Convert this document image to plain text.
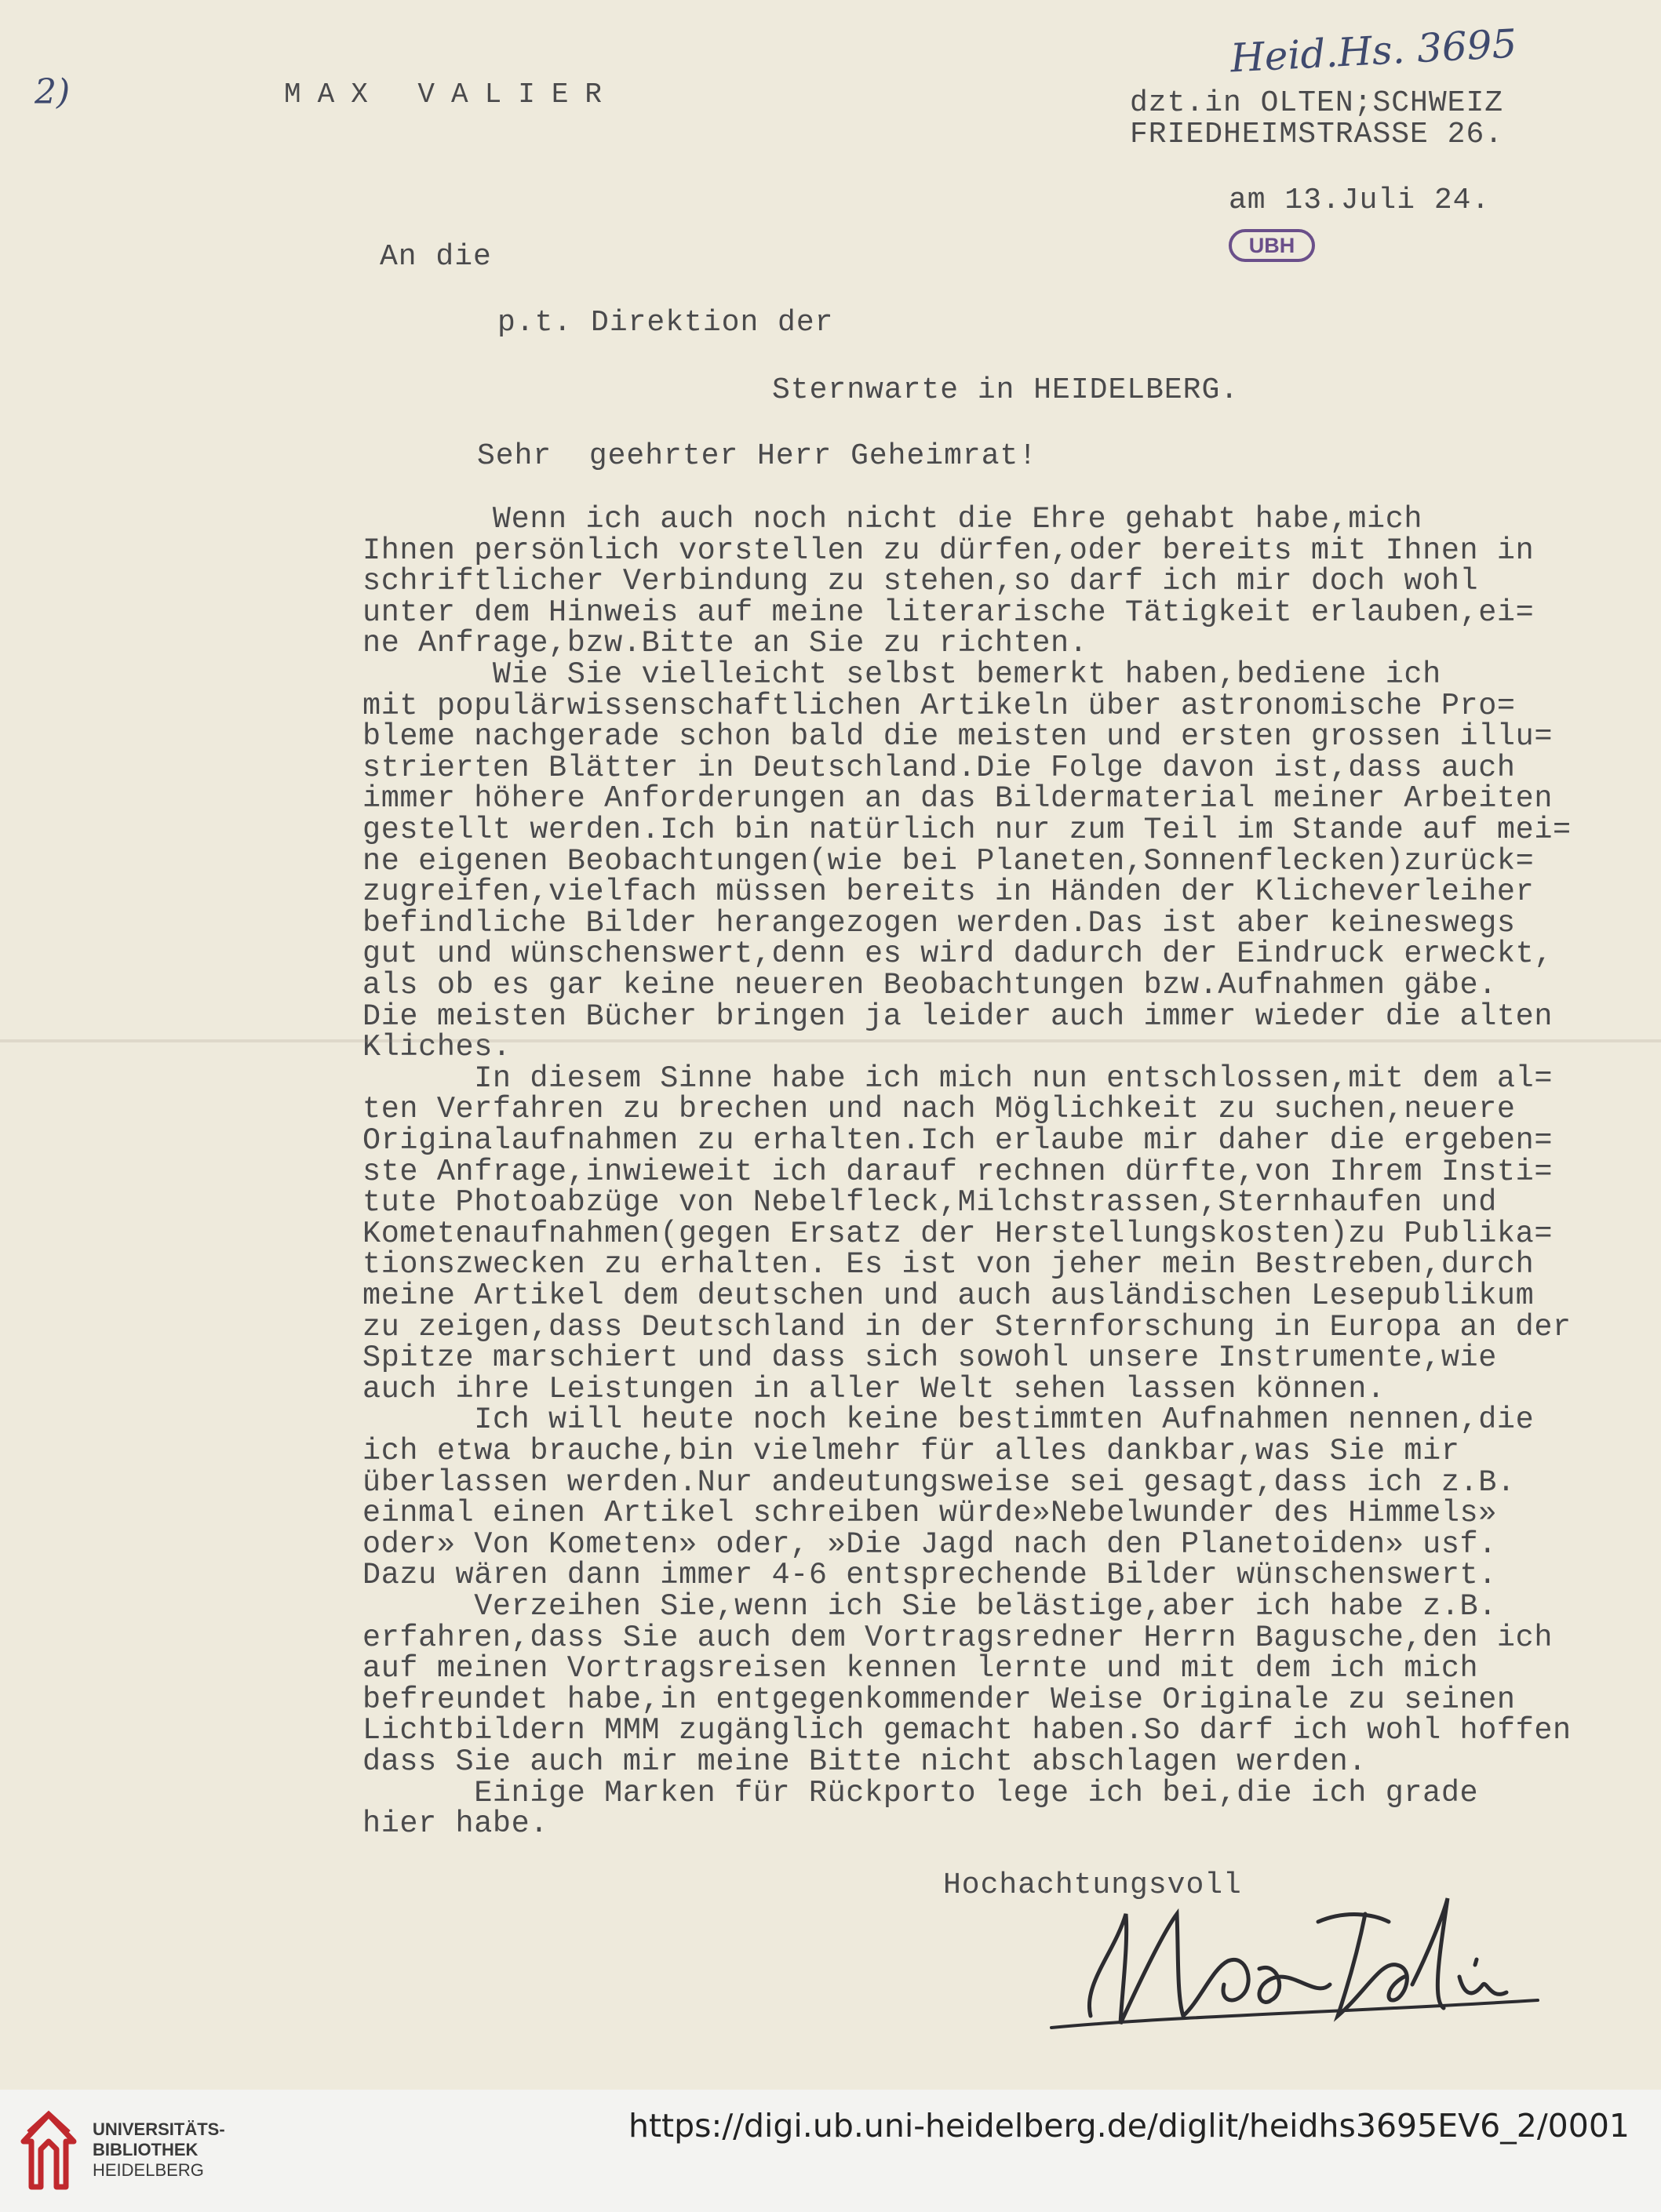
2)
Heid.Hs. 3695
MAX VALIER	dzt.in OLTEN;SCHWEIZ
FRIEDHEIMSTRASSE 26.
am 13.Juli 24.
UBH
An die
p.t. Direktion der
Sternwarte in HEIDELBERG.
Sehr  geehrter Herr Geheimrat!
Wenn ich auch noch nicht die Ehre gehabt habe,mich
Ihnen persönlich vorstellen zu dürfen,oder bereits mit Ihnen in
schriftlicher Verbindung zu stehen,so darf ich mir doch wohl
unter dem Hinweis auf meine literarische Tätigkeit erlauben,ei=
ne Anfrage,bzw.Bitte an Sie zu richten.
Wie Sie vielleicht selbst bemerkt haben,bediene ich
mit populärwissenschaftlichen Artikeln über astronomische Pro=
bleme nachgerade schon bald die meisten und ersten grossen illu=
strierten Blätter in Deutschland.Die Folge davon ist,dass auch
immer höhere Anforderungen an das Bildermaterial meiner Arbeiten
gestellt werden.Ich bin natürlich nur zum Teil im Stande auf mei=
ne eigenen Beobachtungen(wie bei Planeten,Sonnenflecken)zurück=
zugreifen,vielfach müssen bereits in Händen der Klicheverleiher
befindliche Bilder herangezogen werden.Das ist aber keineswegs
gut und wünschenswert,denn es wird dadurch der Eindruck erweckt,
als ob es gar keine neueren Beobachtungen bzw.Aufnahmen gäbe.
Die meisten Bücher bringen ja leider auch immer wieder die alten
Kliches.
In diesem Sinne habe ich mich nun entschlossen,mit dem al=
ten Verfahren zu brechen und nach Möglichkeit zu suchen,neuere
Originalaufnahmen zu erhalten.Ich erlaube mir daher die ergeben=
ste Anfrage,inwieweit ich darauf rechnen dürfte,von Ihrem Insti=
tute Photoabzüge von Nebelfleck,Milchstrassen,Sternhaufen und
Kometenaufnahmen(gegen Ersatz der Herstellungskosten)zu Publika=
tionszwecken zu erhalten. Es ist von jeher mein Bestreben,durch
meine Artikel dem deutschen und auch ausländischen Lesepublikum
zu zeigen,dass Deutschland in der Sternforschung in Europa an der
Spitze marschiert und dass sich sowohl unsere Instrumente,wie
auch ihre Leistungen in aller Welt sehen lassen können.
Ich will heute noch keine bestimmten Aufnahmen nennen,die
ich etwa brauche,bin vielmehr für alles dankbar,was Sie mir
überlassen werden.Nur andeutungsweise sei gesagt,dass ich z.B.
einmal einen Artikel schreiben würde»Nebelwunder des Himmels»
oder» Von Kometen» oder, »Die Jagd nach den Planetoiden» usf.
Dazu wären dann immer 4-6 entsprechende Bilder wünschenswert.
Verzeihen Sie,wenn ich Sie belästige,aber ich habe z.B.
erfahren,dass Sie auch dem Vortragsredner Herrn Bagusche,den ich
auf meinen Vortragsreisen kennen lernte und mit dem ich mich
befreundet habe,in entgegenkommender Weise Originale zu seinen
Lichtbildern MMM zugänglich gemacht haben.So darf ich wohl hoffen
dass Sie auch mir meine Bitte nicht abschlagen werden.
Einige Marken für Rückporto lege ich bei,die ich grade
hier habe.
Hochachtungsvoll
UNIVERSITÄTS-
BIBLIOTHEK
HEIDELBERG
https://digi.ub.uni-heidelberg.de/diglit/heidhs3695EV6_2/0001
